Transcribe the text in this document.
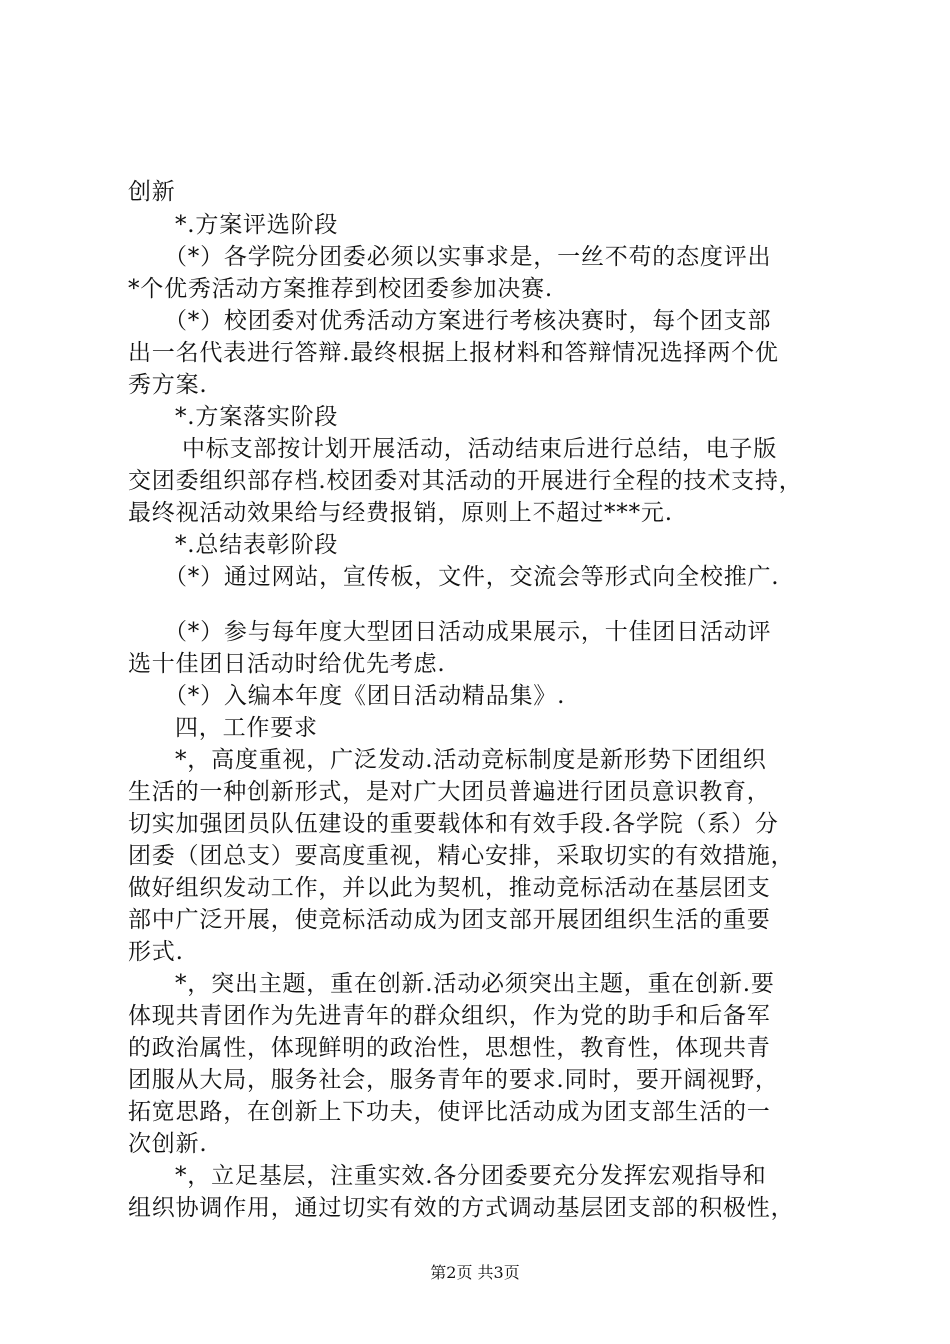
创新
*.方案评选阶段
（*）各学院分团委必须以实事求是，一丝不苟的态度评出
*个优秀活动方案推荐到校团委参加决赛.
（*）校团委对优秀活动方案进行考核决赛时，每个团支部
出一名代表进行答辩.最终根据上报材料和答辩情况选择两个优
秀方案.
*.方案落实阶段
中标支部按计划开展活动，活动结束后进行总结，电子版
交团委组织部存档.校团委对其活动的开展进行全程的技术支持，
最终视活动效果给与经费报销，原则上不超过***元.
*.总结表彰阶段
（*）通过网站，宣传板，文件，交流会等形式向全校推广.
（*）参与每年度大型团日活动成果展示，十佳团日活动评
选十佳团日活动时给优先考虑.
（*）入编本年度《团日活动精品集》.
四，工作要求
*，高度重视，广泛发动.活动竞标制度是新形势下团组织
生活的一种创新形式，是对广大团员普遍进行团员意识教育，
切实加强团员队伍建设的重要载体和有效手段.各学院（系）分
团委（团总支）要高度重视，精心安排，采取切实的有效措施，
做好组织发动工作，并以此为契机，推动竞标活动在基层团支
部中广泛开展，使竞标活动成为团支部开展团组织生活的重要
形式.
*，突出主题，重在创新.活动必须突出主题，重在创新.要
体现共青团作为先进青年的群众组织，作为党的助手和后备军
的政治属性，体现鲜明的政治性，思想性，教育性，体现共青
团服从大局，服务社会，服务青年的要求.同时，要开阔视野，
拓宽思路，在创新上下功夫，使评比活动成为团支部生活的一
次创新.
*，立足基层，注重实效.各分团委要充分发挥宏观指导和
组织协调作用，通过切实有效的方式调动基层团支部的积极性，
第2页 共3页
